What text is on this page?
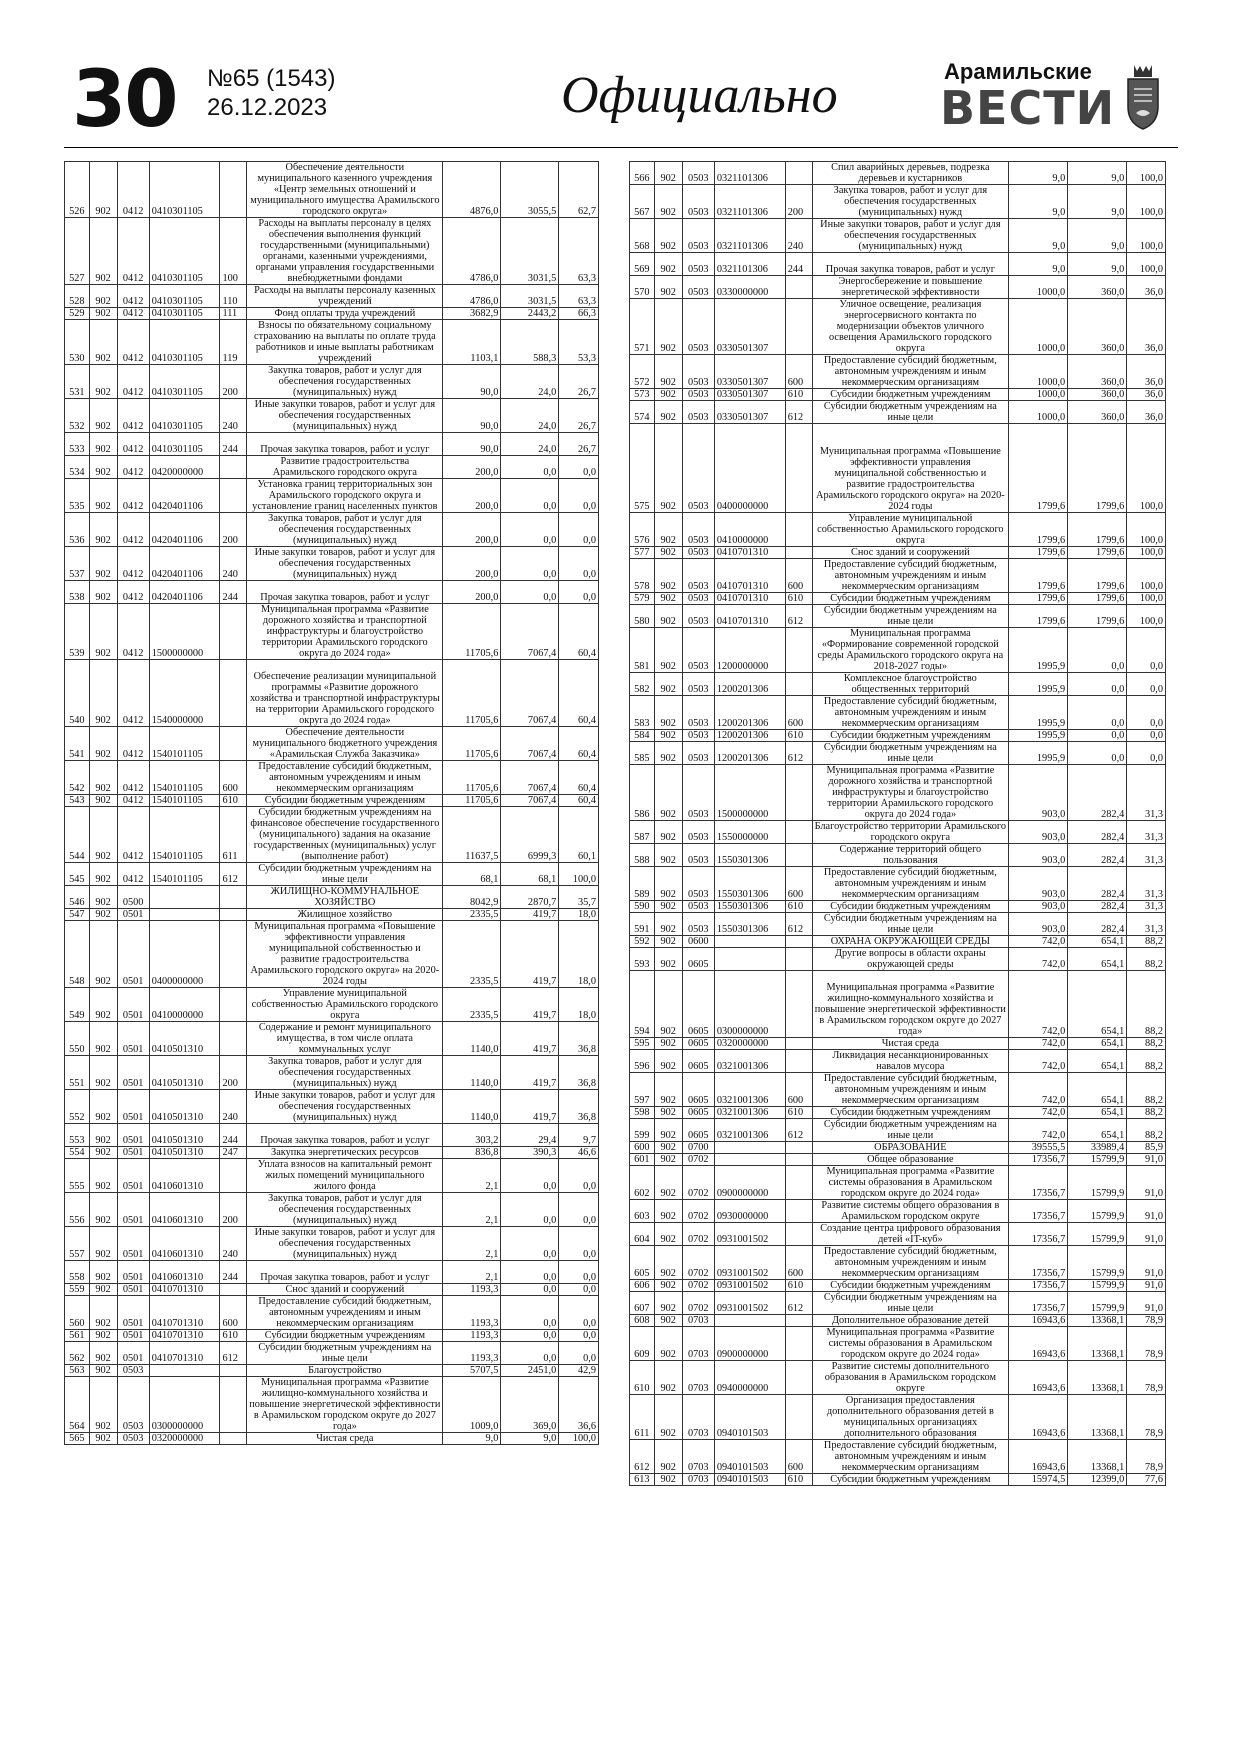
30 №65 (1543)
26.12.2023	Официально	Арамильские
ВЕСТИ
526	902	0412	0410301105		Обеспечение деятельности муниципального казенного учреждения «Центр земельных отношений и муниципального имущества Арамильского городского округа»	4876,0	3055,5	62,7
527	902	0412	0410301105	100	Расходы на выплаты персоналу в целях обеспечения выполнения функций государственными (муниципальными) органами, казенными учреждениями, органами управления государственными внебюджетными фондами	4786,0	3031,5	63,3
528	902	0412	0410301105	110	Расходы на выплаты персоналу казенных учреждений	4786,0	3031,5	63,3
529	902	0412	0410301105	111	Фонд оплаты труда учреждений	3682,9	2443,2	66,3
530	902	0412	0410301105	119	Взносы по обязательному социальному страхованию на выплаты по оплате труда работников и иные выплаты работникам учреждений	1103,1	588,3	53,3
531	902	0412	0410301105	200	Закупка товаров, работ и услуг для обеспечения государственных (муниципальных) нужд	90,0	24,0	26,7
532	902	0412	0410301105	240	Иные закупки товаров, работ и услуг для обеспечения государственных (муниципальных) нужд	90,0	24,0	26,7
533	902	0412	0410301105	244	Прочая закупка товаров, работ и услуг	90,0	24,0	26,7
534	902	0412	0420000000		Развитие градостроительства Арамильского городского округа	200,0	0,0	0,0
535	902	0412	0420401106		Установка границ территориальных зон Арамильского городского округа и установление границ населенных пунктов	200,0	0,0	0,0
536	902	0412	0420401106	200	Закупка товаров, работ и услуг для обеспечения государственных (муниципальных) нужд	200,0	0,0	0,0
537	902	0412	0420401106	240	Иные закупки товаров, работ и услуг для обеспечения государственных (муниципальных) нужд	200,0	0,0	0,0
538	902	0412	0420401106	244	Прочая закупка товаров, работ и услуг	200,0	0,0	0,0
539	902	0412	1500000000		Муниципальная программа «Развитие дорожного хозяйства и транспортной инфраструктуры и благоустройство территории Арамильского городского округа до 2024 года»	11705,6	7067,4	60,4
540	902	0412	1540000000		Обеспечение реализации муниципальной программы «Развитие дорожного хозяйства и транспортной инфраструктуры на территории Арамильского городского округа до 2024 года»	11705,6	7067,4	60,4
541	902	0412	1540101105		Обеспечение деятельности муниципального бюджетного учреждения «Арамильская Служба Заказчика»	11705,6	7067,4	60,4
542	902	0412	1540101105	600	Предоставление субсидий бюджетным, автономным учреждениям и иным некоммерческим организациям	11705,6	7067,4	60,4
543	902	0412	1540101105	610	Субсидии бюджетным учреждениям	11705,6	7067,4	60,4
544	902	0412	1540101105	611	Субсидии бюджетным учреждениям на финансовое обеспечение государственного (муниципального) задания на оказание государственных (муниципальных) услуг (выполнение работ)	11637,5	6999,3	60,1
545	902	0412	1540101105	612	Субсидии бюджетным учреждениям на иные цели	68,1	68,1	100,0
546	902	0500			ЖИЛИЩНО-КОММУНАЛЬНОЕ ХОЗЯЙСТВО	8042,9	2870,7	35,7
547	902	0501			Жилищное хозяйство	2335,5	419,7	18,0
548	902	0501	0400000000		Муниципальная программа «Повышение эффективности управления муниципальной собственностью и развитие градостроительства Арамильского городского округа» на 2020-2024 годы	2335,5	419,7	18,0
549	902	0501	0410000000		Управление муниципальной собственностью Арамильского городского округа	2335,5	419,7	18,0
550	902	0501	0410501310		Содержание и ремонт муниципального имущества, в том числе оплата коммунальных услуг	1140,0	419,7	36,8
551	902	0501	0410501310	200	Закупка товаров, работ и услуг для обеспечения государственных (муниципальных) нужд	1140,0	419,7	36,8
552	902	0501	0410501310	240	Иные закупки товаров, работ и услуг для обеспечения государственных (муниципальных) нужд	1140,0	419,7	36,8
553	902	0501	0410501310	244	Прочая закупка товаров, работ и услуг	303,2	29,4	9,7
554	902	0501	0410501310	247	Закупка энергетических ресурсов	836,8	390,3	46,6
555	902	0501	0410601310		Уплата взносов на капитальный ремонт жилых помещений муниципального жилого фонда	2,1	0,0	0,0
556	902	0501	0410601310	200	Закупка товаров, работ и услуг для обеспечения государственных (муниципальных) нужд	2,1	0,0	0,0
557	902	0501	0410601310	240	Иные закупки товаров, работ и услуг для обеспечения государственных (муниципальных) нужд	2,1	0,0	0,0
558	902	0501	0410601310	244	Прочая закупка товаров, работ и услуг	2,1	0,0	0,0
559	902	0501	0410701310		Снос зданий и сооружений	1193,3	0,0	0,0
560	902	0501	0410701310	600	Предоставление субсидий бюджетным, автономным учреждениям и иным некоммерческим организациям	1193,3	0,0	0,0
561	902	0501	0410701310	610	Субсидии бюджетным учреждениям	1193,3	0,0	0,0
562	902	0501	0410701310	612	Субсидии бюджетным учреждениям на иные цели	1193,3	0,0	0,0
563	902	0503			Благоустройство	5707,5	2451,0	42,9
564	902	0503	0300000000		Муниципальная программа «Развитие жилищно-коммунального хозяйства и повышение энергетической эффективности в Арамильском городском округе до 2027 года»	1009,0	369,0	36,6
565	902	0503	0320000000		Чистая среда	9,0	9,0	100,0
566	902	0503	0321101306		Спил аварийных деревьев, подрезка деревьев и кустарников	9,0	9,0	100,0
567	902	0503	0321101306	200	Закупка товаров, работ и услуг для обеспечения государственных (муниципальных) нужд	9,0	9,0	100,0
568	902	0503	0321101306	240	Иные закупки товаров, работ и услуг для обеспечения государственных (муниципальных) нужд	9,0	9,0	100,0
569	902	0503	0321101306	244	Прочая закупка товаров, работ и услуг	9,0	9,0	100,0
570	902	0503	0330000000		Энергосбережение и повышение энергетической эффективности	1000,0	360,0	36,0
571	902	0503	0330501307		Уличное освещение, реализация энергосервисного контакта по модернизации объектов уличного освещения Арамильского городского округа	1000,0	360,0	36,0
572	902	0503	0330501307	600	Предоставление субсидий бюджетным, автономным учреждениям и иным некоммерческим организациям	1000,0	360,0	36,0
573	902	0503	0330501307	610	Субсидии бюджетным учреждениям	1000,0	360,0	36,0
574	902	0503	0330501307	612	Субсидии бюджетным учреждениям на иные цели	1000,0	360,0	36,0
575	902	0503	0400000000		Муниципальная программа «Повышение эффективности управления муниципальной собственностью и развитие градостроительства Арамильского городского округа» на 2020-2024 годы	1799,6	1799,6	100,0
576	902	0503	0410000000		Управление муниципальной собственностью Арамильского городского округа	1799,6	1799,6	100,0
577	902	0503	0410701310		Снос зданий и сооружений	1799,6	1799,6	100,0
578	902	0503	0410701310	600	Предоставление субсидий бюджетным, автономным учреждениям и иным некоммерческим организациям	1799,6	1799,6	100,0
579	902	0503	0410701310	610	Субсидии бюджетным учреждениям	1799,6	1799,6	100,0
580	902	0503	0410701310	612	Субсидии бюджетным учреждениям на иные цели	1799,6	1799,6	100,0
581	902	0503	1200000000		Муниципальная программа «Формирование современной городской среды Арамильского городского округа на 2018-2027 годы»	1995,9	0,0	0,0
582	902	0503	1200201306		Комплексное благоустройство общественных территорий	1995,9	0,0	0,0
583	902	0503	1200201306	600	Предоставление субсидий бюджетным, автономным учреждениям и иным некоммерческим организациям	1995,9	0,0	0,0
584	902	0503	1200201306	610	Субсидии бюджетным учреждениям	1995,9	0,0	0,0
585	902	0503	1200201306	612	Субсидии бюджетным учреждениям на иные цели	1995,9	0,0	0,0
586	902	0503	1500000000		Муниципальная программа «Развитие дорожного хозяйства и транспортной инфраструктуры и благоустройство территории Арамильского городского округа до 2024 года»	903,0	282,4	31,3
587	902	0503	1550000000		Благоустройство территории Арамильского городского округа	903,0	282,4	31,3
588	902	0503	1550301306		Содержание территорий общего пользования	903,0	282,4	31,3
589	902	0503	1550301306	600	Предоставление субсидий бюджетным, автономным учреждениям и иным некоммерческим организациям	903,0	282,4	31,3
590	902	0503	1550301306	610	Субсидии бюджетным учреждениям	903,0	282,4	31,3
591	902	0503	1550301306	612	Субсидии бюджетным учреждениям на иные цели	903,0	282,4	31,3
592	902	0600			ОХРАНА ОКРУЖАЮЩЕЙ СРЕДЫ	742,0	654,1	88,2
593	902	0605			Другие вопросы в области охраны окружающей среды	742,0	654,1	88,2
594	902	0605	0300000000		Муниципальная программа «Развитие жилищно-коммунального хозяйства и повышение энергетической эффективности в Арамильском городском округе до 2027 года»	742,0	654,1	88,2
595	902	0605	0320000000		Чистая среда	742,0	654,1	88,2
596	902	0605	0321001306		Ликвидация несанкционированных навалов мусора	742,0	654,1	88,2
597	902	0605	0321001306	600	Предоставление субсидий бюджетным, автономным учреждениям и иным некоммерческим организациям	742,0	654,1	88,2
598	902	0605	0321001306	610	Субсидии бюджетным учреждениям	742,0	654,1	88,2
599	902	0605	0321001306	612	Субсидии бюджетным учреждениям на иные цели	742,0	654,1	88,2
600	902	0700			ОБРАЗОВАНИЕ	39555,5	33989,4	85,9
601	902	0702			Общее образование	17356,7	15799,9	91,0
602	902	0702	0900000000		Муниципальная программа «Развитие системы образования в Арамильском городском округе до 2024 года»	17356,7	15799,9	91,0
603	902	0702	0930000000		Развитие системы общего образования в Арамильском городском округе	17356,7	15799,9	91,0
604	902	0702	0931001502		Создание центра цифрового образования детей «IT-куб»	17356,7	15799,9	91,0
605	902	0702	0931001502	600	Предоставление субсидий бюджетным, автономным учреждениям и иным некоммерческим организациям	17356,7	15799,9	91,0
606	902	0702	0931001502	610	Субсидии бюджетным учреждениям	17356,7	15799,9	91,0
607	902	0702	0931001502	612	Субсидии бюджетным учреждениям на иные цели	17356,7	15799,9	91,0
608	902	0703			Дополнительное образование детей	16943,6	13368,1	78,9
609	902	0703	0900000000		Муниципальная программа «Развитие системы образования в Арамильском городском округе до 2024 года»	16943,6	13368,1	78,9
610	902	0703	0940000000		Развитие системы дополнительного образования в Арамильском городском округе	16943,6	13368,1	78,9
611	902	0703	0940101503		Организация предоставления дополнительного образования детей в муниципальных организациях дополнительного образования	16943,6	13368,1	78,9
612	902	0703	0940101503	600	Предоставление субсидий бюджетным, автономным учреждениям и иным некоммерческим организациям	16943,6	13368,1	78,9
613	902	0703	0940101503	610	Субсидии бюджетным учреждениям	15974,5	12399,0	77,6
